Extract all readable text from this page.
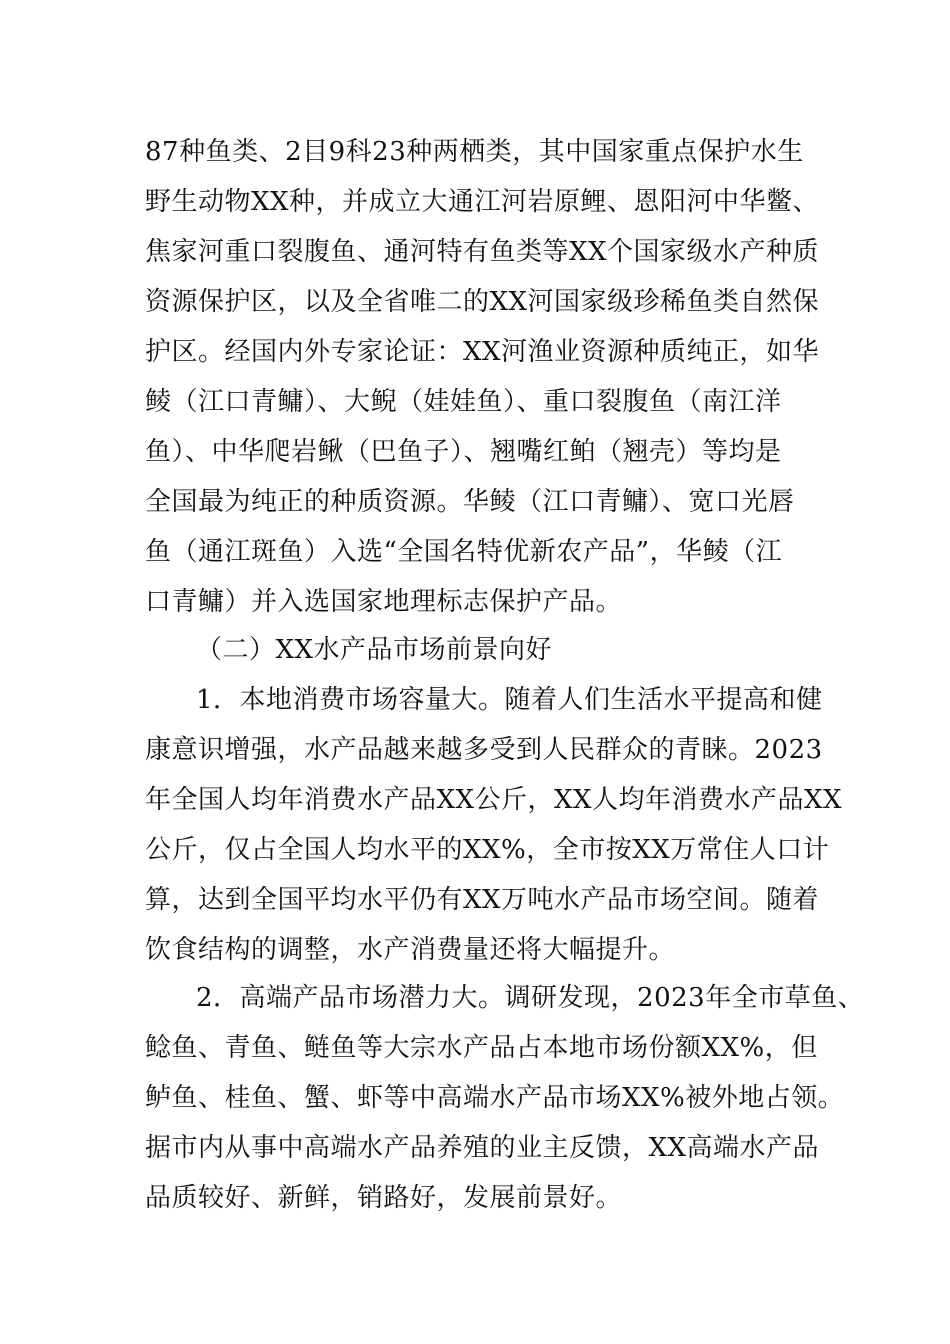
87种鱼类、2目9科23种两栖类，其中国家重点保护水生
野生动物XX种，并成立大通江河岩原鲤、恩阳河中华鳖、
焦家河重口裂腹鱼、通河特有鱼类等XX个国家级水产种质
资源保护区，以及全省唯二的XX河国家级珍稀鱼类自然保
护区。经国内外专家论证：XX河渔业资源种质纯正，如华
鲮（江口青鳙）、大鲵（娃娃鱼）、重口裂腹鱼（南江洋
鱼）、中华爬岩鳅（巴鱼子）、翘嘴红鲌（翘壳）等均是
全国最为纯正的种质资源。华鲮（江口青鳙）、宽口光唇
鱼（通江斑鱼）入选“全国名特优新农产品”，华鲮（江
口青鳙）并入选国家地理标志保护产品。
（二）XX水产品市场前景向好
1．本地消费市场容量大。随着人们生活水平提高和健
康意识增强，水产品越来越多受到人民群众的青睐。2023
年全国人均年消费水产品XX公斤，XX人均年消费水产品XX
公斤，仅占全国人均水平的XX%，全市按XX万常住人口计
算，达到全国平均水平仍有XX万吨水产品市场空间。随着
饮食结构的调整，水产消费量还将大幅提升。
2．高端产品市场潜力大。调研发现，2023年全市草鱼、
鲶鱼、青鱼、鲢鱼等大宗水产品占本地市场份额XX%，但
鲈鱼、桂鱼、蟹、虾等中高端水产品市场XX%被外地占领。
据市内从事中高端水产品养殖的业主反馈，XX高端水产品
品质较好、新鲜，销路好，发展前景好。
